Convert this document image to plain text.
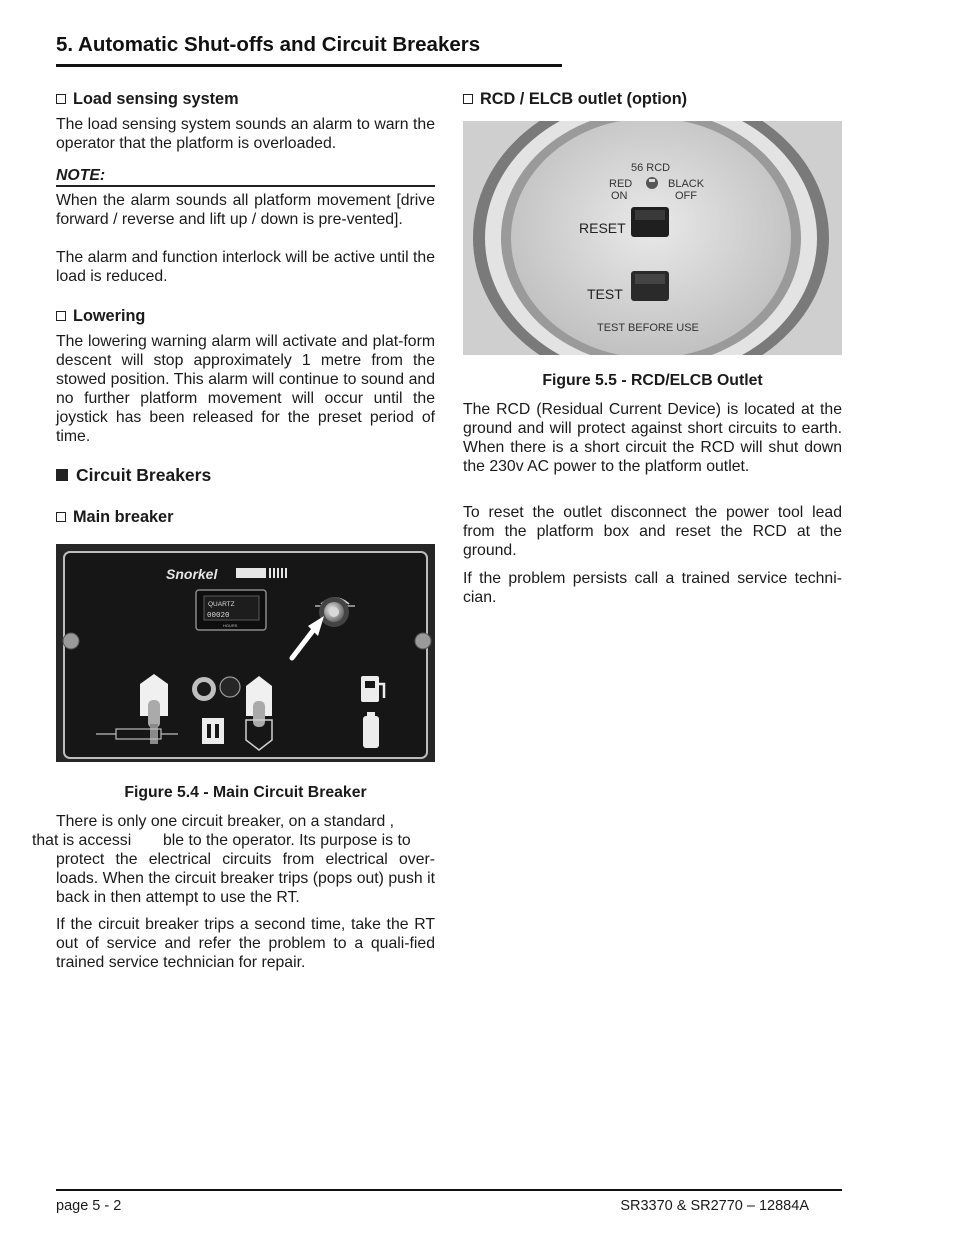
5. Automatic Shut-offs and Circuit Breakers
Load sensing system
The load sensing system sounds an alarm to warn the operator that the platform is overloaded.
NOTE:
When the alarm sounds all platform movement [drive forward / reverse and lift up / down is pre-vented].
The alarm and function interlock will be active until the load is reduced.
Lowering
The lowering warning alarm will activate and plat-form descent will stop approximately 1 metre from the stowed position. This alarm will continue to sound and no further platform movement will occur until the joystick has been released for the preset period of time.
Circuit Breakers
Main breaker
Snorkel
QUARTZ
00020
HOURS
Figure 5.4 - Main Circuit Breaker
There is only one circuit breaker, on a standard ,
that is accessi ble to the operator. Its purpose is to
protect the electrical circuits from electrical over-loads. When the circuit breaker trips (pops out) push it back in then attempt to use the RT.
If the circuit breaker trips a second time, take the RT out of service and refer the problem to a quali-fied trained service technician for repair.
RCD / ELCB outlet (option)
56 RCD
RED
ON
BLACK
OFF
RESET
TEST
TEST BEFORE USE
Figure 5.5 - RCD/ELCB Outlet
The RCD (Residual Current Device) is located at the ground and will protect against short circuits to earth. When there is a short circuit the RCD will shut down the 230v AC power to the platform outlet.
To reset the outlet disconnect the power tool lead from the platform box and reset the RCD at the ground.
If the problem persists call a trained service techni-cian.
page 5 - 2	SR3370 & SR2770 – 12884A
